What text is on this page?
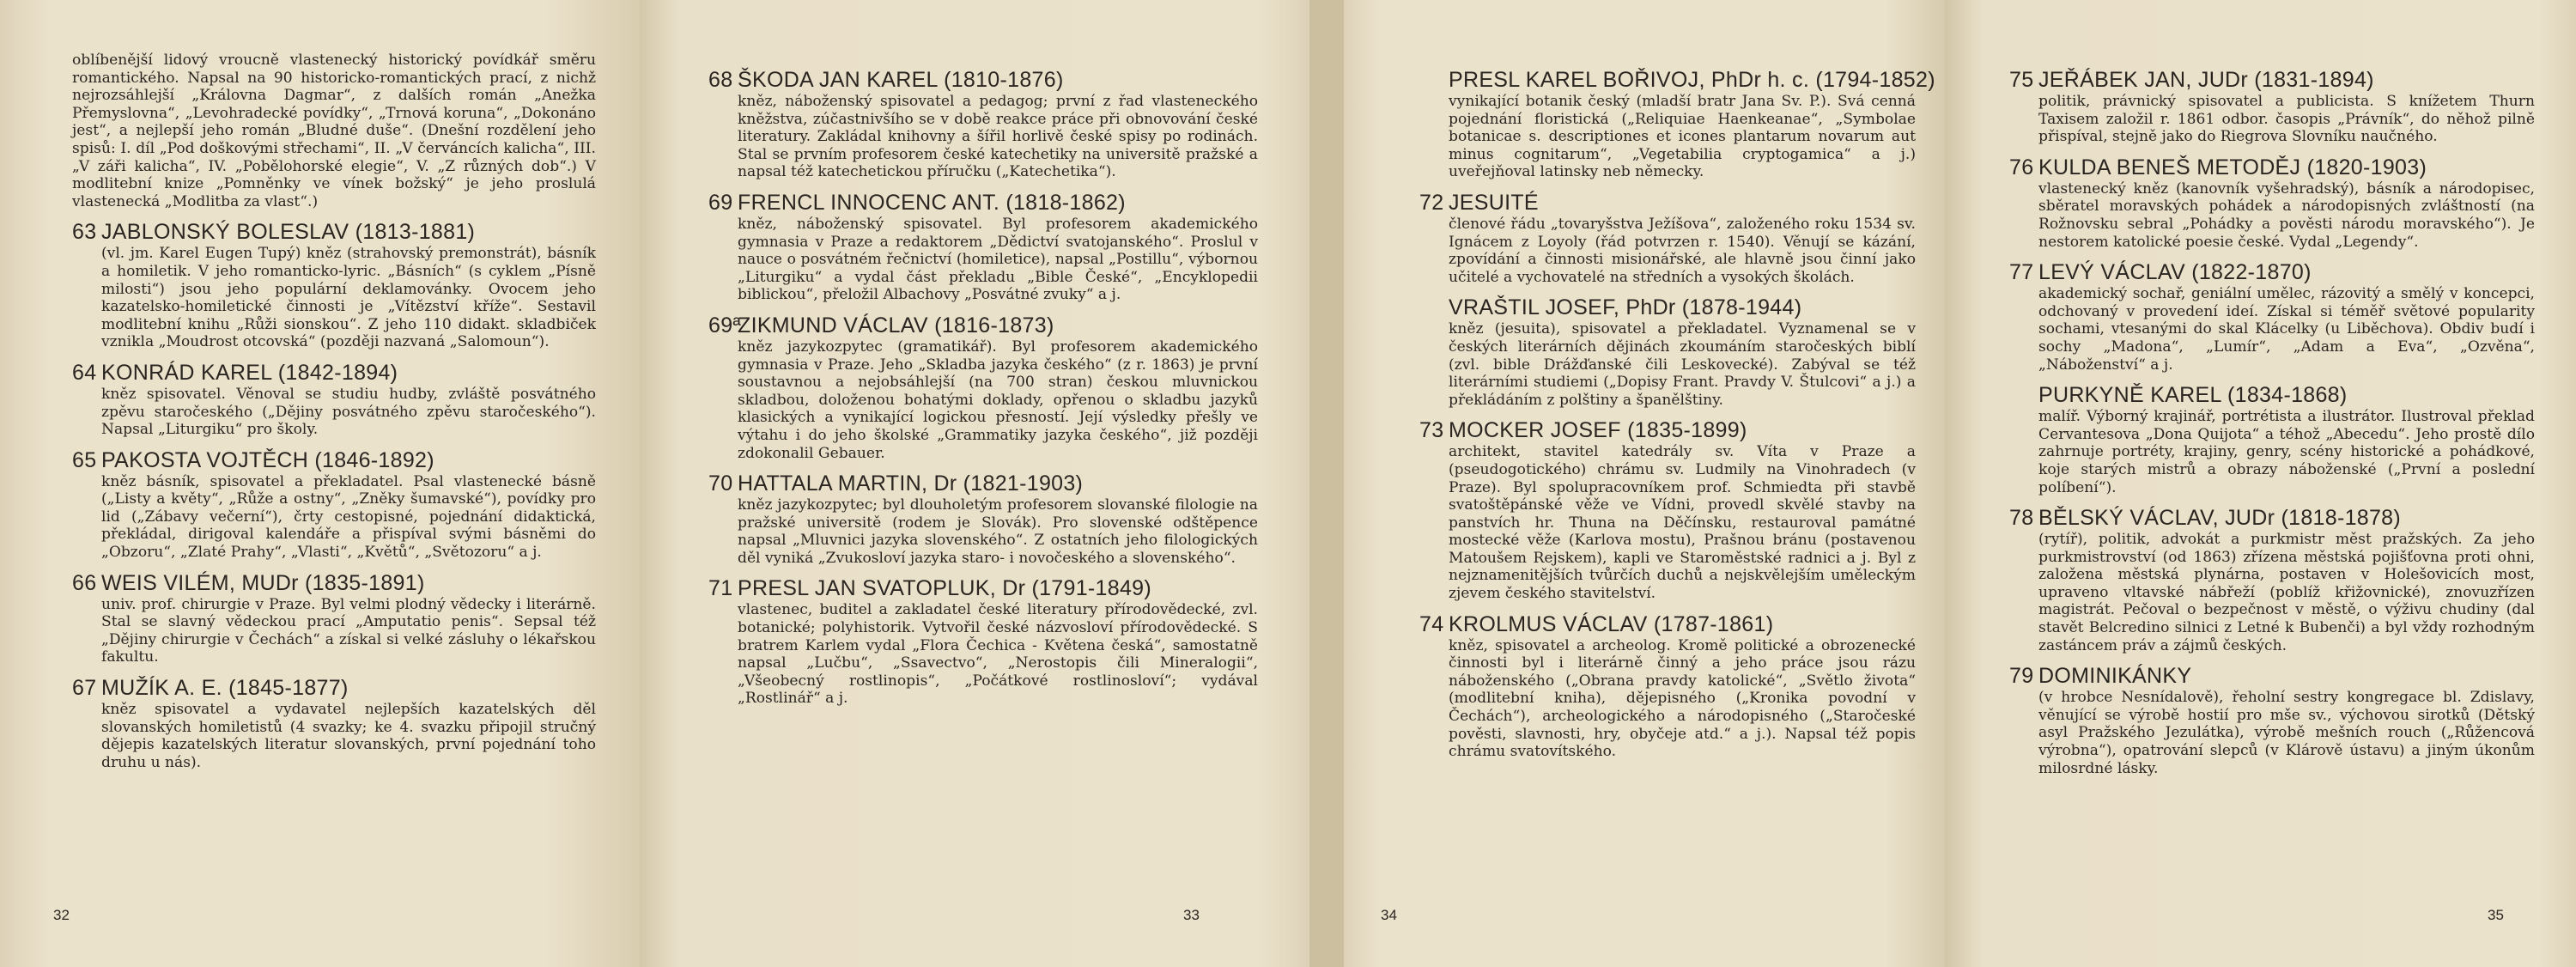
oblíbenější lidový vroucně vlastenecký historický povídkář směru romantického. Napsal na 90 historicko-romantických prací, z nichž nejrozsáhlejší „Královna Dagmar“, z dalších román „Anežka Přemyslovna“, „Levohradecké povídky“, „Trnová koruna“, „Dokonáno jest“, a nejlepší jeho román „Bludné duše“. (Dnešní rozdělení jeho spisů: I. díl „Pod doškovými střechami“, II. „V červáncích kalicha“, III. „V záři kalicha“, IV. „Pobělohorské elegie“, V. „Z různých dob“.) V modlitební knize „Pomněnky ve vínek božský“ je jeho proslulá vlastenecká „Modlitba za vlast“.)
63 JABLONSKÝ BOLESLAV (1813-1881)
(vl. jm. Karel Eugen Tupý) kněz (strahovský premonstrát), básník a homiletik. V jeho romanticko-lyric. „Básních“ (s cyklem „Písně milosti“) jsou jeho populární deklamovánky. Ovocem jeho kazatelsko-homiletické činnosti je „Vítězství kříže“. Sestavil modlitební knihu „Růži sionskou“. Z jeho 110 didakt. skladbiček vznikla „Moudrost otcovská“ (později nazvaná „Salomoun“).
64 KONRÁD KAREL (1842-1894)
kněz spisovatel. Věnoval se studiu hudby, zvláště posvátného zpěvu staročeského („Dějiny posvátného zpěvu staročeského“). Napsal „Liturgiku“ pro školy.
65 PAKOSTA VOJTĚCH (1846-1892)
kněz básník, spisovatel a překladatel. Psal vlastenecké básně („Listy a květy“, „Růže a ostny“, „Zněky šumavské“), povídky pro lid („Zábavy večerní“), črty cestopisné, pojednání didaktická, překládal, dirigoval kalendáře a přispíval svými básněmi do „Obzoru“, „Zlaté Prahy“, „Vlasti“, „Květů“, „Světozoru“ a j.
66 WEIS VILÉM, MUDr (1835-1891)
univ. prof. chirurgie v Praze. Byl velmi plodný vědecky i literárně. Stal se slavný vědeckou prací „Amputatio penis“. Sepsal též „Dějiny chirurgie v Čechách“ a získal si velké zásluhy o lékařskou fakultu.
67 MUŽÍK A. E. (1845-1877)
kněz spisovatel a vydavatel nejlepších kazatelských děl slovanských homiletistů (4 svazky; ke 4. svazku připojil stručný dějepis kazatelských literatur slovanských, první pojednání toho druhu u nás).
32
68 ŠKODA JAN KAREL (1810-1876)
kněz, náboženský spisovatel a pedagog; první z řad vlasteneckého kněžstva, zúčastnivšího se v době reakce práce při obnovování české literatury. Zakládal knihovny a šířil horlivě české spisy po rodinách. Stal se prvním profesorem české katechetiky na universitě pražské a napsal též katechetickou příručku („Katechetika“).
69 FRENCL INNOCENC ANT. (1818-1862)
kněz, náboženský spisovatel. Byl profesorem akademického gymnasia v Praze a redaktorem „Dědictví svatojanského“. Proslul v nauce o posvátném řečnictví (homiletice), napsal „Postillu“, výbornou „Liturgiku“ a vydal část překladu „Bible České“, „Encyklopedii biblickou“, přeložil Albachovy „Posvátné zvuky“ a j.
69ªZIKMUND VÁCLAV (1816-1873)
kněz jazykozpytec (gramatikář). Byl profesorem akademického gymnasia v Praze. Jeho „Skladba jazyka českého“ (z r. 1863) je první soustavnou a nejobsáhlejší (na 700 stran) českou mluvnickou skladbou, doloženou bohatými doklady, opřenou o skladbu jazyků klasických a vynikající logickou přesností. Její výsledky přešly ve výtahu i do jeho školské „Grammatiky jazyka českého“, již později zdokonalil Gebauer.
70 HATTALA MARTIN, Dr (1821-1903)
kněz jazykozpytec; byl dlouholetým profesorem slovanské filologie na pražské universitě (rodem je Slovák). Pro slovenské odštěpence napsal „Mluvnici jazyka slovenského“. Z ostatních jeho filologických děl vyniká „Zvukosloví jazyka staro- i novočeského a slovenského“.
71 PRESL JAN SVATOPLUK, Dr (1791-1849)
vlastenec, buditel a zakladatel české literatury přírodovědecké, zvl. botanické; polyhistorik. Vytvořil české názvosloví přírodovědecké. S bratrem Karlem vydal „Flora Čechica - Květena česká“, samostatně napsal „Lučbu“, „Ssavectvo“, „Nerostopis čili Mineralogii“, „Všeobecný rostlinopis“, „Počátkové rostlinosloví“; vydával „Rostlinář“ a j.
33
PRESL KAREL BOŘIVOJ, PhDr h. c. (1794-1852)
vynikající botanik český (mladší bratr Jana Sv. P.). Svá cenná pojednání floristická („Reliquiae Haenkeanae“, „Symbolae botanicae s. descriptiones et icones plantarum novarum aut minus cognitarum“, „Vegetabilia cryptogamica“ a j.) uveřejňoval latinsky neb německy.
72 JESUITÉ
členové řádu „tovaryšstva Ježíšova“, založeného roku 1534 sv. Ignácem z Loyoly (řád potvrzen r. 1540). Věnují se kázání, zpovídání a činnosti misionářské, ale hlavně jsou činní jako učitelé a vychovatelé na středních a vysokých školách.
VRAŠTIL JOSEF, PhDr (1878-1944)
kněz (jesuita), spisovatel a překladatel. Vyznamenal se v českých literárních dějinách zkoumáním staročeských biblí (zvl. bible Drážďanské čili Leskovecké). Zabýval se též literárními studiemi („Dopisy Frant. Pravdy V. Štulcovi“ a j.) a překládáním z polštiny a španělštiny.
73 MOCKER JOSEF (1835-1899)
architekt, stavitel katedrály sv. Víta v Praze a (pseudogotického) chrámu sv. Ludmily na Vinohradech (v Praze). Byl spolupracovníkem prof. Schmiedta při stavbě svatoštěpánské věže ve Vídni, provedl skvělé stavby na panstvích hr. Thuna na Děčínsku, restauroval památné mostecké věže (Karlova mostu), Prašnou bránu (postavenou Matoušem Rejskem), kapli ve Staroměstské radnici a j. Byl z nejznamenitějších tvůrčích duchů a nejskvělejším uměleckým zjevem českého stavitelství.
74 KROLMUS VÁCLAV (1787-1861)
kněz, spisovatel a archeolog. Kromě politické a obrozenecké činnosti byl i literárně činný a jeho práce jsou rázu náboženského („Obrana pravdy katolické“, „Světlo života“ (modlitební kniha), dějepisného („Kronika povodní v Čechách“), archeologického a národopisného („Staročeské pověsti, slavnosti, hry, obyčeje atd.“ a j.). Napsal též popis chrámu svatovítského.
34
75 JEŘÁBEK JAN, JUDr (1831-1894)
politik, právnický spisovatel a publicista. S knížetem Thurn Taxisem založil r. 1861 odbor. časopis „Právník“, do něhož pilně přispíval, stejně jako do Riegrova Slovníku naučného.
76 KULDA BENEŠ METODĚJ (1820-1903)
vlastenecký kněz (kanovník vyšehradský), básník a národopisec, sběratel moravských pohádek a národopisných zvláštností (na Rožnovsku sebral „Pohádky a pověsti národu moravského“). Je nestorem katolické poesie české. Vydal „Legendy“.
77 LEVÝ VÁCLAV (1822-1870)
akademický sochař, geniální umělec, rázovitý a smělý v koncepci, odchovaný v provedení ideí. Získal si téměř světové popularity sochami, vtesanými do skal Klácelky (u Liběchova). Obdiv budí i sochy „Madona“, „Lumír“, „Adam a Eva“, „Ozvěna“, „Náboženství“ a j.
PURKYNĚ KAREL (1834-1868)
malíř. Výborný krajinář, portrétista a ilustrátor. Ilustroval překlad Cervantesova „Dona Quijota“ a téhož „Abecedu“. Jeho prostě dílo zahrnuje portréty, krajiny, genry, scény historické a pohádkové, koje starých mistrů a obrazy náboženské („První a poslední políbení“).
78 BĚLSKÝ VÁCLAV, JUDr (1818-1878)
(rytíř), politik, advokát a purkmistr měst pražských. Za jeho purkmistrovství (od 1863) zřízena městská pojišťovna proti ohni, založena městská plynárna, postaven v Holešovicích most, upraveno vltavské nábřeží (poblíž křižovnické), znovuzřízen magistrát. Pečoval o bezpečnost v městě, o výživu chudiny (dal stavět Belcredino silnici z Letné k Bubenči) a byl vždy rozhodným zastáncem práv a zájmů českých.
79 DOMINIKÁNKY
(v hrobce Nesnídalově), řeholní sestry kongregace bl. Zdislavy, věnující se výrobě hostií pro mše sv., výchovou sirotků (Dětský asyl Pražského Jezulátka), výrobě mešních rouch („Růžencová výrobna“), opatrování slepců (v Klárově ústavu) a jiným úkonům milosrdné lásky.
35
